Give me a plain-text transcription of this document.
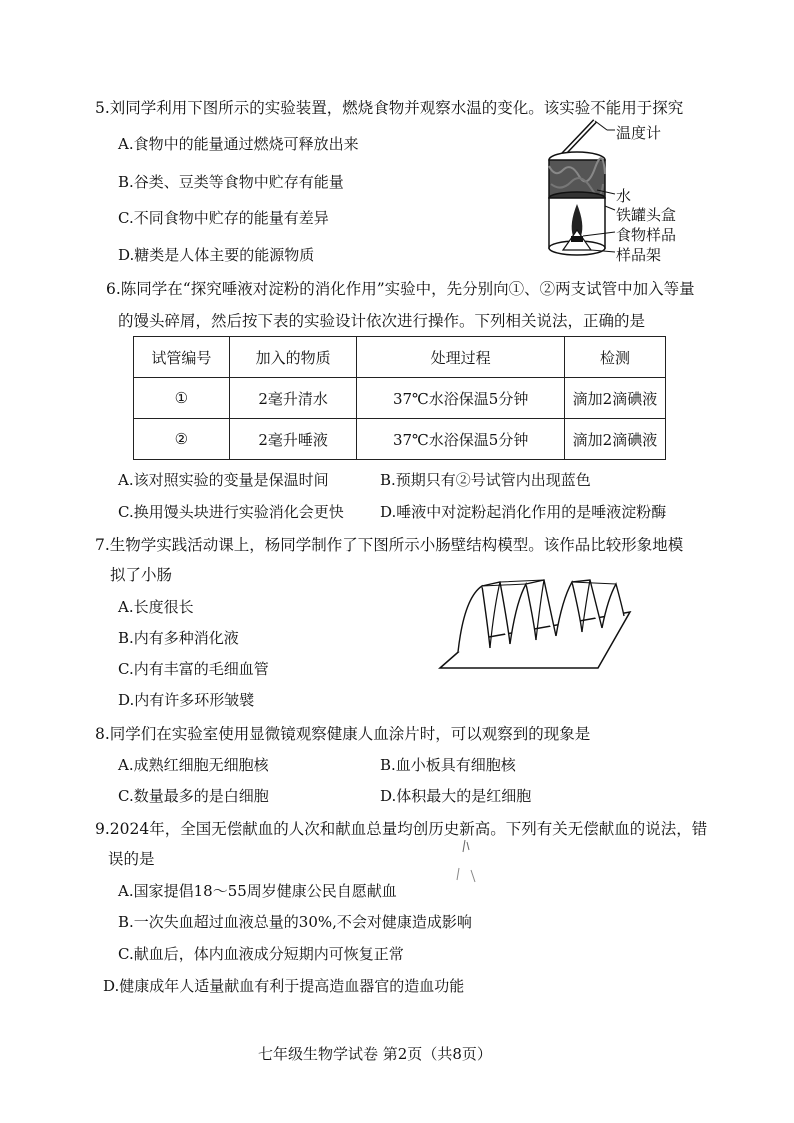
5.刘同学利用下图所示的实验装置，燃烧食物并观察水温的变化。该实验不能用于探究
A.食物中的能量通过燃烧可释放出来
B.谷类、豆类等食物中贮存有能量
C.不同食物中贮存的能量有差异
D.糖类是人体主要的能源物质
温度计
水
铁罐头盒
食物样品
样品架
6.陈同学在“探究唾液对淀粉的消化作用”实验中，先分别向①、②两支试管中加入等量
的馒头碎屑，然后按下表的实验设计依次进行操作。下列相关说法，正确的是
试管编号	加入的物质	处理过程	检测
①	2毫升清水	37℃水浴保温5分钟	滴加2滴碘液
②	2毫升唾液	37℃水浴保温5分钟	滴加2滴碘液
A.该对照实验的变量是保温时间	B.预期只有②号试管内出现蓝色
C.换用馒头块进行实验消化会更快 D.唾液中对淀粉起消化作用的是唾液淀粉酶
7.生物学实践活动课上，杨同学制作了下图所示小肠壁结构模型。该作品比较形象地模
拟了小肠
A.长度很长
B.内有多种消化液
C.内有丰富的毛细血管
D.内有许多环形皱襞
8.同学们在实验室使用显微镜观察健康人血涂片时，可以观察到的现象是
A.成熟红细胞无细胞核	B.血小板具有细胞核
C.数量最多的是白细胞	D.体积最大的是红细胞
9.2024年，全国无偿献血的人次和献血总量均创历史新高。下列有关无偿献血的说法，错
误的是
A.国家提倡18～55周岁健康公民自愿献血
B.一次失血超过血液总量的30%,不会对健康造成影响
C.献血后，体内血液成分短期内可恢复正常
D.健康成年人适量献血有利于提高造血器官的造血功能
七年级生物学试卷 第2页（共8页）
